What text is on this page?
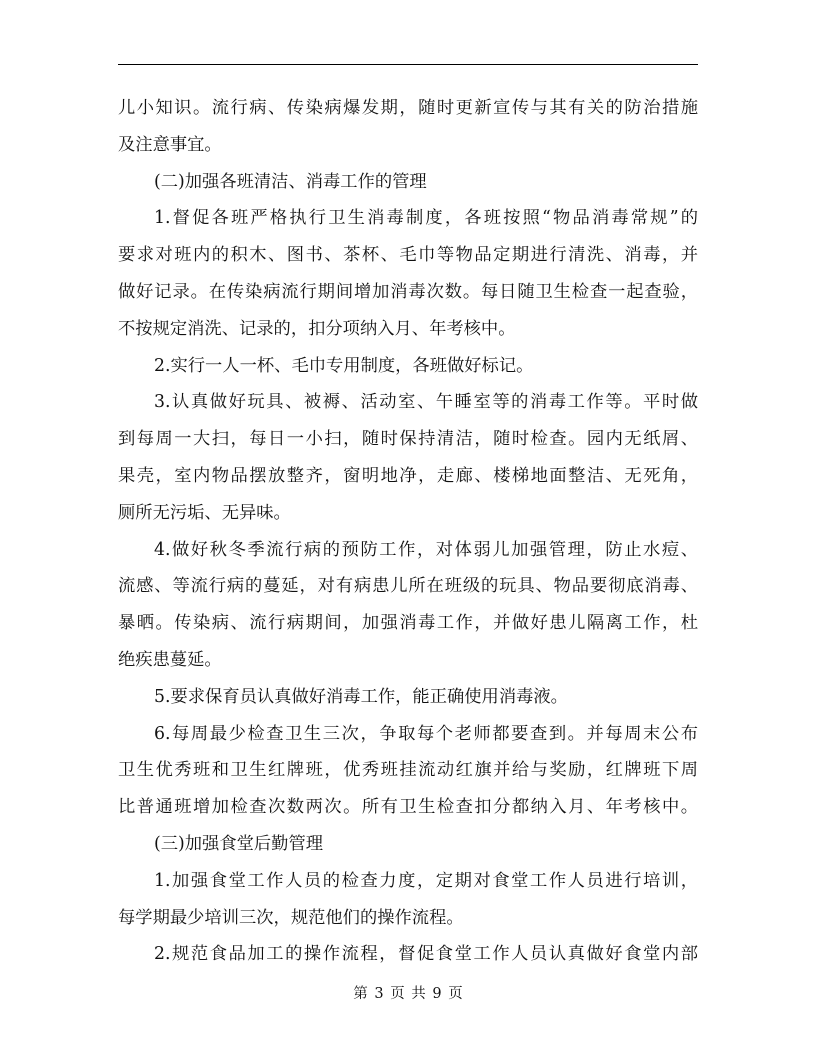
儿小知识。流行病、传染病爆发期，随时更新宣传与其有关的防治措施
及注意事宜。
(二)加强各班清洁、消毒工作的管理
1.督促各班严格执行卫生消毒制度，各班按照“物品消毒常规”的
要求对班内的积木、图书、茶杯、毛巾等物品定期进行清洗、消毒，并
做好记录。在传染病流行期间增加消毒次数。每日随卫生检查一起查验，
不按规定消洗、记录的，扣分项纳入月、年考核中。
2.实行一人一杯、毛巾专用制度，各班做好标记。
3.认真做好玩具、被褥、活动室、午睡室等的消毒工作等。平时做
到每周一大扫，每日一小扫，随时保持清洁，随时检查。园内无纸屑、
果壳，室内物品摆放整齐，窗明地净，走廊、楼梯地面整洁、无死角，
厕所无污垢、无异味。
4.做好秋冬季流行病的预防工作，对体弱儿加强管理，防止水痘、
流感、等流行病的蔓延，对有病患儿所在班级的玩具、物品要彻底消毒、
暴晒。传染病、流行病期间，加强消毒工作，并做好患儿隔离工作，杜
绝疾患蔓延。
5.要求保育员认真做好消毒工作，能正确使用消毒液。
6.每周最少检查卫生三次，争取每个老师都要查到。并每周末公布
卫生优秀班和卫生红牌班，优秀班挂流动红旗并给与奖励，红牌班下周
比普通班增加检查次数两次。所有卫生检查扣分都纳入月、年考核中。
(三)加强食堂后勤管理
1.加强食堂工作人员的检查力度，定期对食堂工作人员进行培训，
每学期最少培训三次，规范他们的操作流程。
2.规范食品加工的操作流程，督促食堂工作人员认真做好食堂内部
第 3 页 共 9 页
